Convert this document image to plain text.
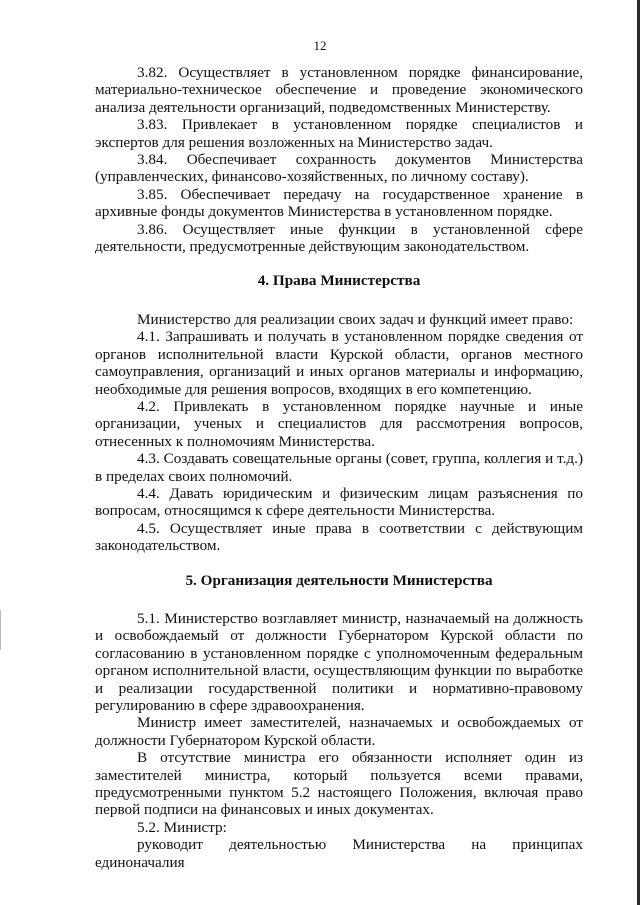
12

3.82. Осуществляет в установленном порядке финансирование, материально-техническое обеспечение и проведение экономического анализа деятельности организаций, подведомственных Министерству.

3.83. Привлекает в установленном порядке специалистов и экспертов для решения возложенных на Министерство задач.

3.84. Обеспечивает сохранность документов Министерства (управленческих, финансово-хозяйственных, по личному составу).

3.85. Обеспечивает передачу на государственное хранение в архивные фонды документов Министерства в установленном порядке.

3.86. Осуществляет иные функции в установленной сфере деятельности, предусмотренные действующим законодательством.

4. Права Министерства

Министерство для реализации своих задач и функций имеет право:

4.1. Запрашивать и получать в установленном порядке сведения от органов исполнительной власти Курской области, органов местного самоуправления, организаций и иных органов материалы и информацию, необходимые для решения вопросов, входящих в его компетенцию.

4.2. Привлекать в установленном порядке научные и иные организации, ученых и специалистов для рассмотрения вопросов, отнесенных к полномочиям Министерства.

4.3. Создавать совещательные органы (совет, группа, коллегия и т.д.) в пределах своих полномочий.

4.4. Давать юридическим и физическим лицам разъяснения по вопросам, относящимся к сфере деятельности Министерства.

4.5. Осуществляет иные права в соответствии с действующим законодательством.

5. Организация деятельности Министерства

5.1. Министерство возглавляет министр, назначаемый на должность и освобождаемый от должности Губернатором Курской области по согласованию в установленном порядке с уполномоченным федеральным органом исполнительной власти, осуществляющим функции по выработке и реализации государственной политики и нормативно-правовому регулированию в сфере здравоохранения.

Министр имеет заместителей, назначаемых и освобождаемых от должности Губернатором Курской области.

В отсутствие министра его обязанности исполняет один из заместителей министра, который пользуется всеми правами, предусмотренными пунктом 5.2 настоящего Положения, включая право первой подписи на финансовых и иных документах.

5.2. Министр:

руководит деятельностью Министерства на принципах единоначалия
